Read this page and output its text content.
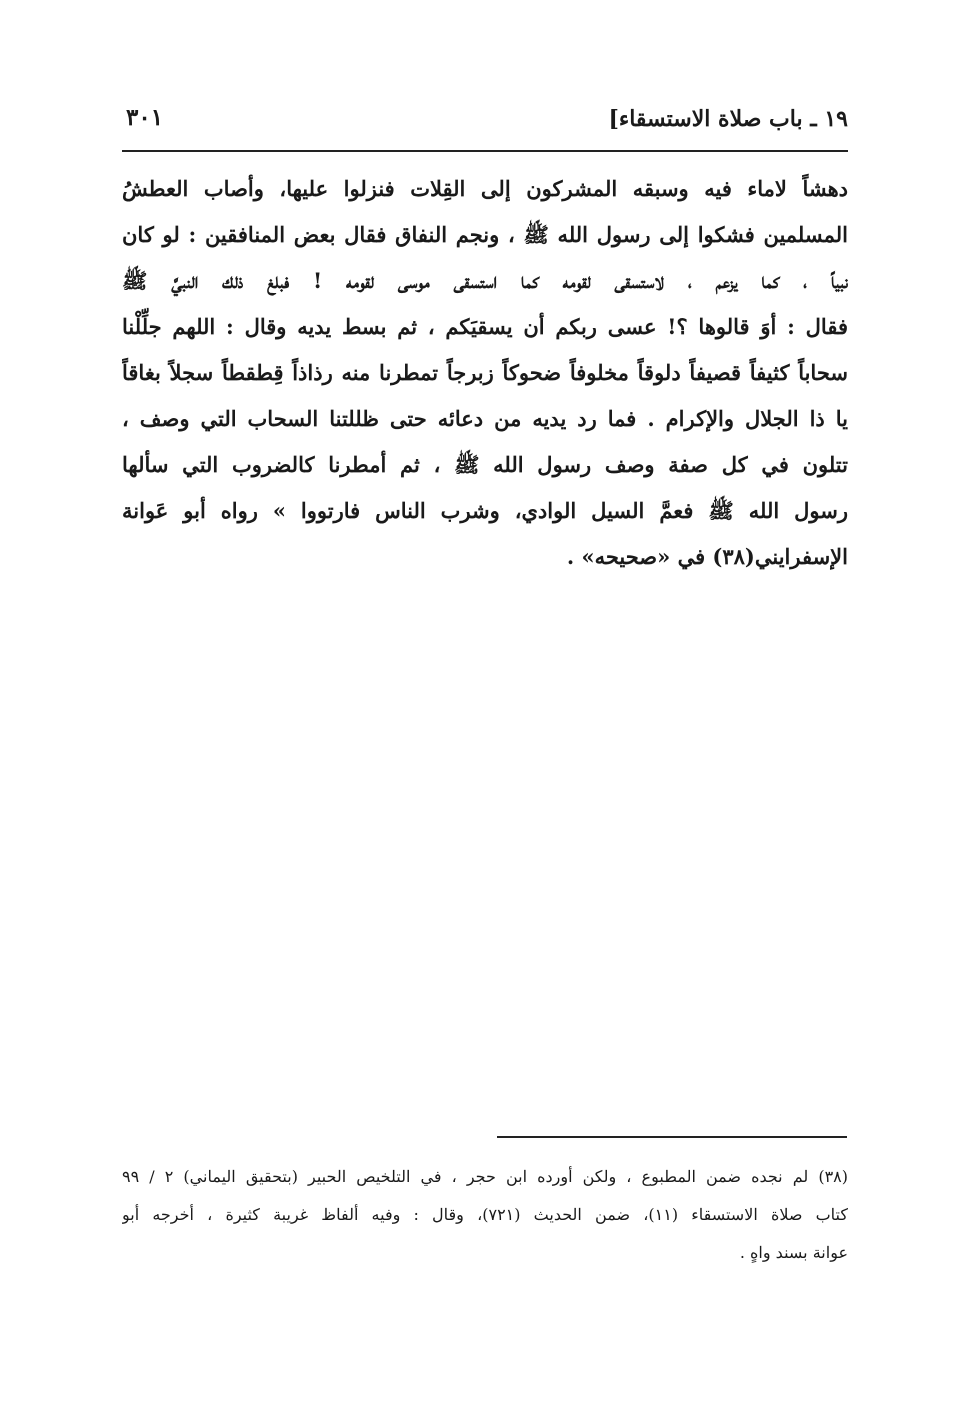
١٩ ـ باب صلاة الاستسقاء]
٣٠١
دهشاً لاماء فيه وسبقه المشركون إلى القِلات فنزلوا عليها، وأصاب العطشُ
المسلمين فشكوا إلى رسول الله ﷺ ، ونجم النفاق فقال بعض المنافقين : لو كان
نبياً ، كما يزعم ، لاستسقى لقومه كما استسقى موسى لقومه ! فبلغ ذلك النبيَّ ﷺ
فقال : أوَ قالوها ؟! عسى ربكم أن يسقيَكم ، ثم بسط يديه وقال : اللهم جلِّلْنا
سحاباً كثيفاً قصيفاً دلوقاً مخلوفاً ضحوكاً زبرجاً تمطرنا منه رذاذاً قِطقطاً سجلاً بغاقاً
يا ذا الجلال والإكرام . فما رد يديه من دعائه حتى ظللتنا السحاب التي وصف ،
تتلون في كل صفة وصف رسول الله ﷺ ، ثم أمطرنا كالضروب التي سألها
رسول الله ﷺ فعمَّ السيل الوادي، وشرب الناس فارتووا » رواه أبو عَوانة
الإسفرايني(٣٨) في «صحيحه» .
(٣٨) لم نجده ضمن المطبوع ، ولكن أورده ابن حجر ، في التلخيص الحبير (بتحقيق اليماني) ٢ / ٩٩
كتاب صلاة الاستسقاء (١١)، ضمن الحديث (٧٢١)، وقال : وفيه ألفاظ غريبة كثيرة ، أخرجه أبو
عوانة بسند واهٍ .
